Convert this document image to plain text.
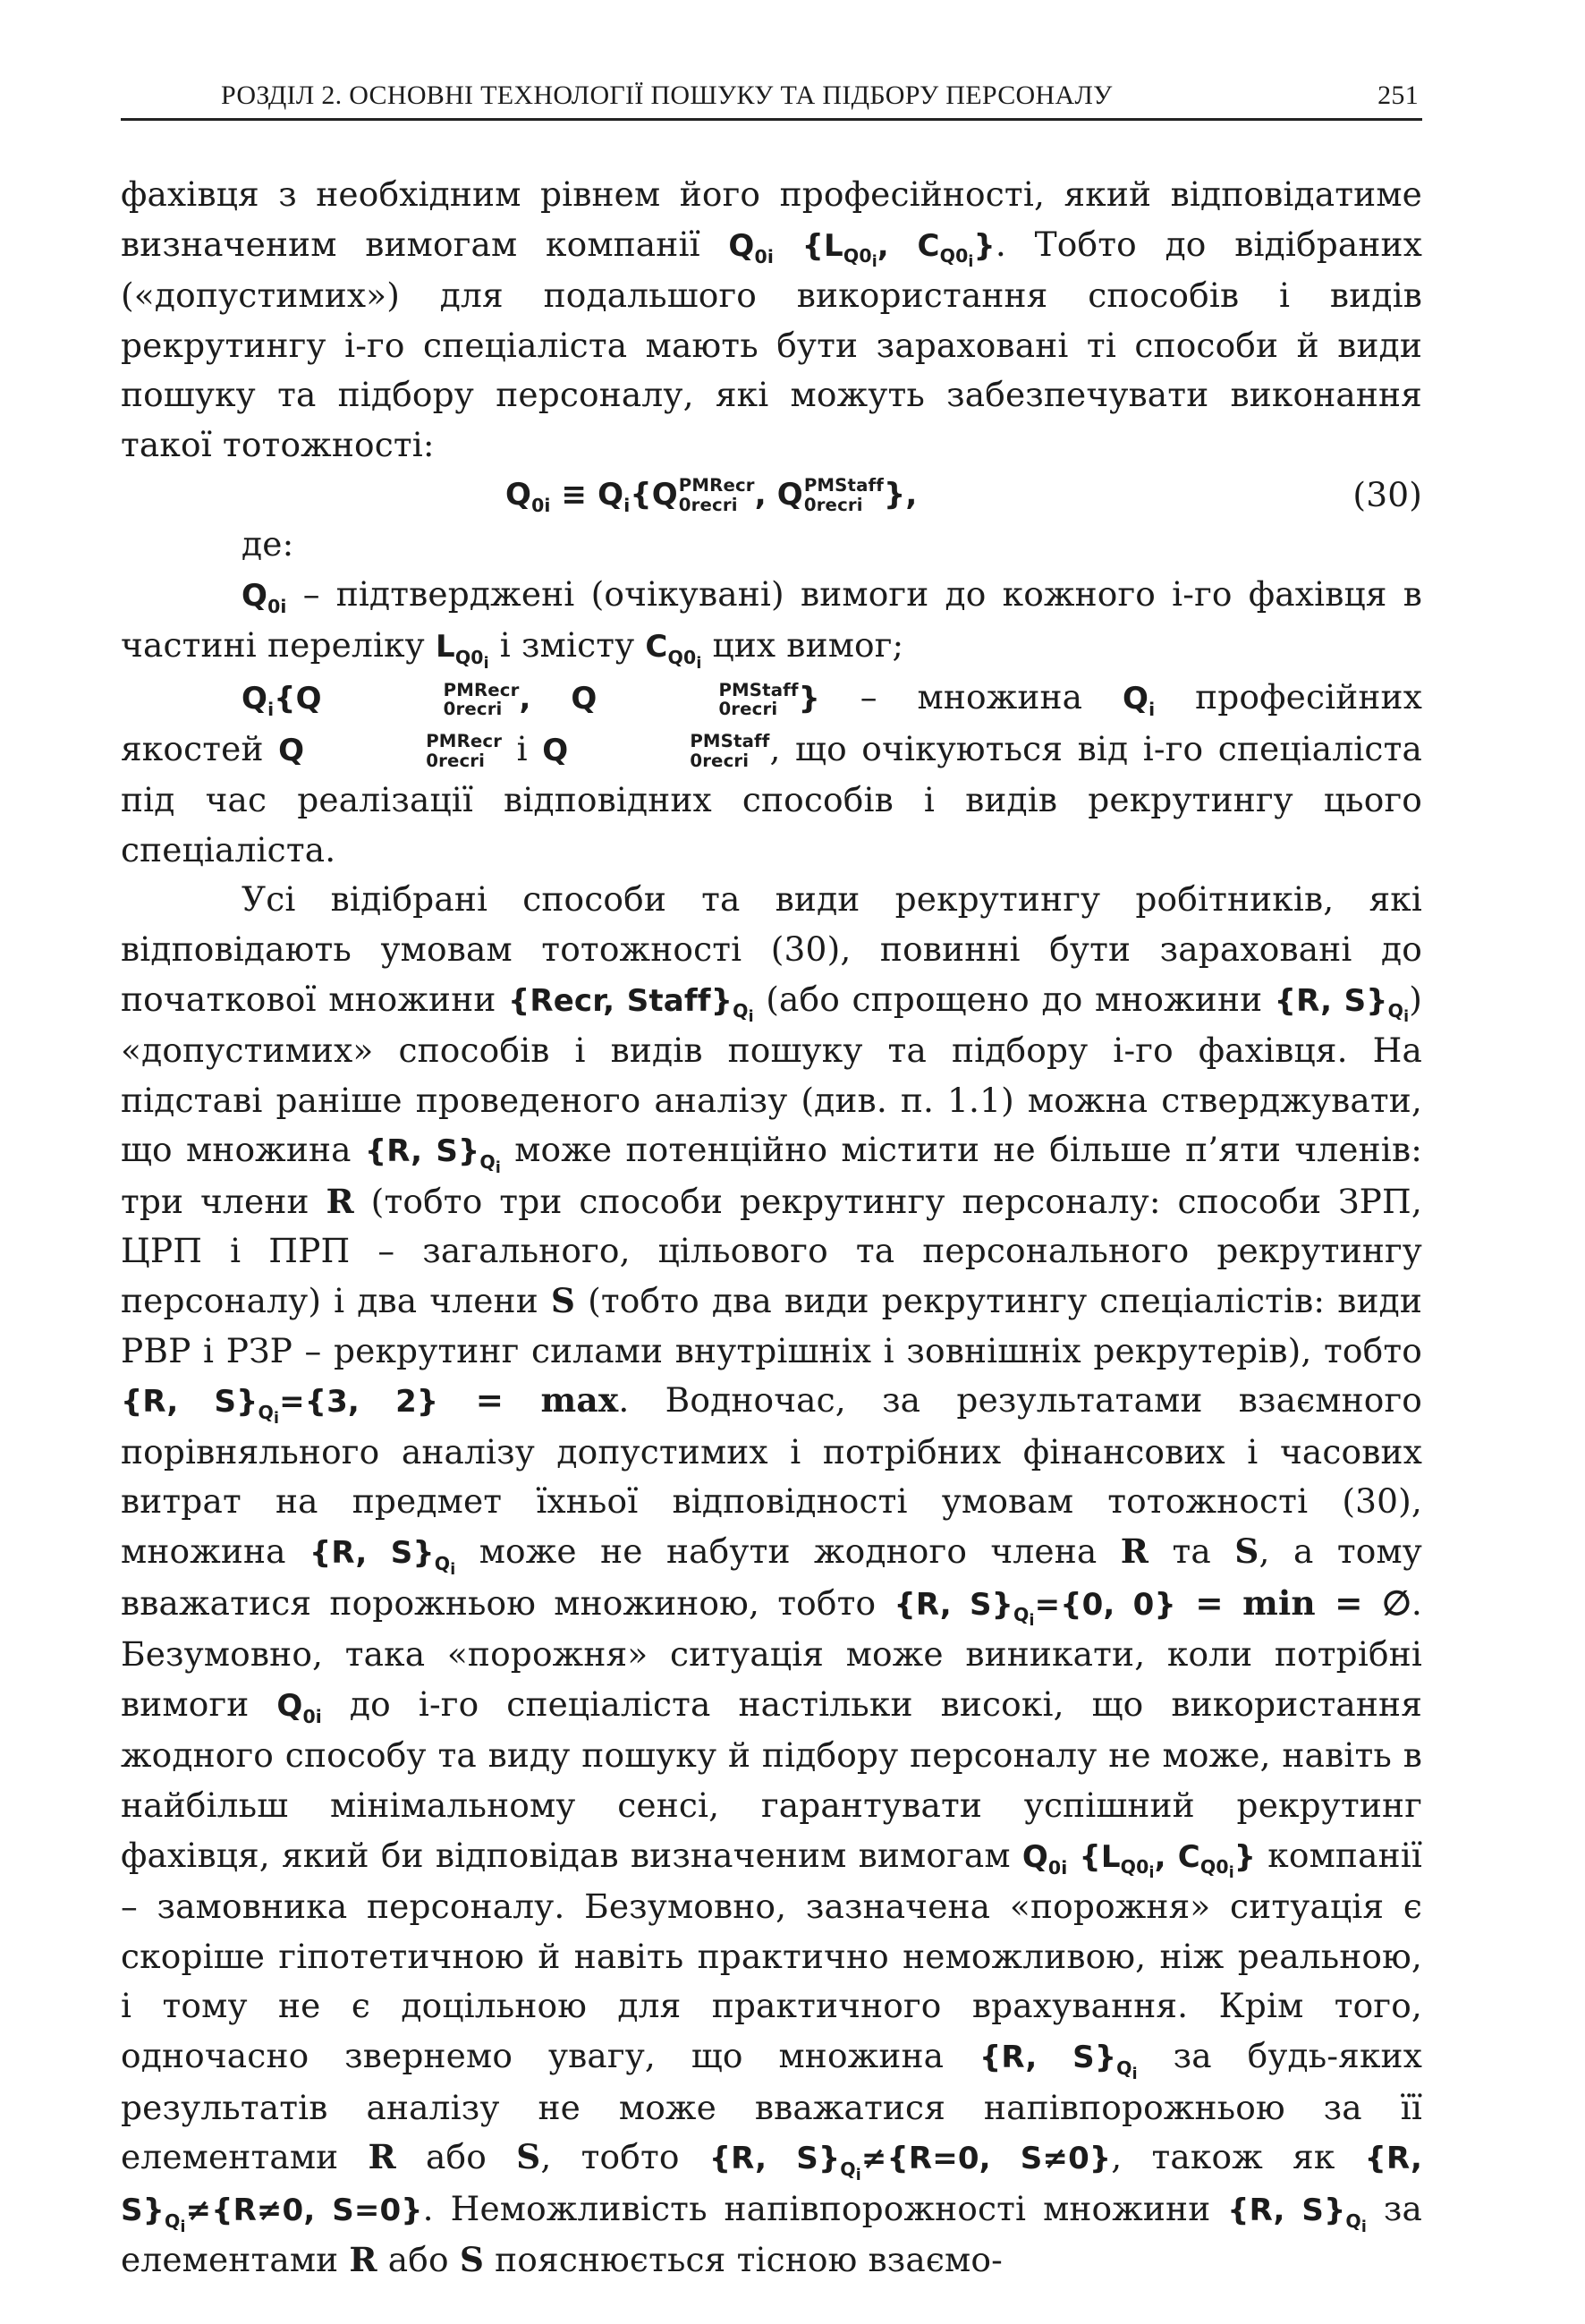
РОЗДІЛ 2. ОСНОВНІ ТЕХНОЛОГІЇ ПОШУКУ ТА ПІДБОРУ ПЕРСОНАЛУ	251

фахівця з необхідним рівнем його професійності, який відповідатиме визначеним вимогам компанії $Q_{0i}$ {$L_{Q0_i}$, $C_{Q0_i}$}. Тобто до відібраних («допустимих») для подальшого використання способів і видів рекрутингу і-го спеціаліста мають бути зараховані ті способи й види пошуку та підбору персоналу, які можуть забезпечувати виконання такої тотожності:

$Q_{0i} \equiv Q_i\{Q$ PMRecr
0recri , Q PMStaff
0recri },	(30)

де:

$Q_{0i}$ – підтверджені (очікувані) вимоги до кожного і-го фахівця в частині переліку $L_{Q0_i}$ і змісту $C_{Q0_i}$ цих вимог;

$Q_i\{Q$	PMRecr
0recri , Q	PMStaff
0recri } – множина $Q_i$ професійних якостей Q	PMRecr
0recri і Q	PMStaff
0recri , що очікуються від і-го спеціаліста під час реалізації відповідних способів і видів рекрутингу цього спеціаліста.

Усі відібрані способи та види рекрутингу робітників, які відповідають умовам тотожності (30), повинні бути зараховані до початкової множини {Recr, $Staff\}_{Q_i}$ (або спрощено до множини {R, $S\}_{Q_i}$) «допустимих» способів і видів пошуку та підбору і-го фахівця. На підставі раніше проведеного аналізу (див. п. 1.1) можна стверджувати, що множина {R, $S\}_{Q_i}$ може потенційно містити не більше п’яти членів: три члени R (тобто три способи рекрутингу персоналу: способи ЗРП, ЦРП і ПРП – загального, цільового та персонального рекрутингу персоналу) і два члени S (тобто два види рекрутингу спеціалістів: види РВР і РЗР – рекрутинг силами внутрішніх і зовнішніх рекрутерів), тобто {R, $S\}_{Q_i}=\{3$, 2} = max. Водночас, за результатами взаємного порівняльного аналізу допустимих і потрібних фінансових і часових витрат на предмет їхньої відповідності умовам тотожності (30), множина {R, $S\}_{Q_i}$ може не набути жодного члена R та S, а тому вважатися порожньою множиною, тобто {R, $S\}_{Q_i}=\{0$, 0} = min = ∅. Безумовно, така «порожня» ситуація може виникати, коли потрібні вимоги $Q_{0i}$ до і-го спеціаліста настільки високі, що використання жодного способу та виду пошуку й підбору персоналу не може, навіть в найбільш мінімальному сенсі, гарантувати успішний рекрутинг фахівця, який би відповідав визначеним вимогам $Q_{0i}$ {$L_{Q0_i}$, $C_{Q0_i}$} компанії – замовника персоналу. Безумовно, зазначена «порожня» ситуація є скоріше гіпотетичною й навіть практично неможливою, ніж реальною, і тому не є доцільною для практичного врахування. Крім того, одночасно звернемо увагу, що множина {R, $S\}_{Q_i}$ за будь-яких результатів аналізу не може вважатися напівпорожньою за її елементами R або S, тобто {R, $S\}_{Q_i}\ne\{R=0$, S≠0}, також як {R, $S\}_{Q_i}\ne\{R\ne 0$, S=0}. Неможливість напівпорожності множини {R, $S\}_{Q_i}$ за елементами R або S пояснюється тісною взаємо-
